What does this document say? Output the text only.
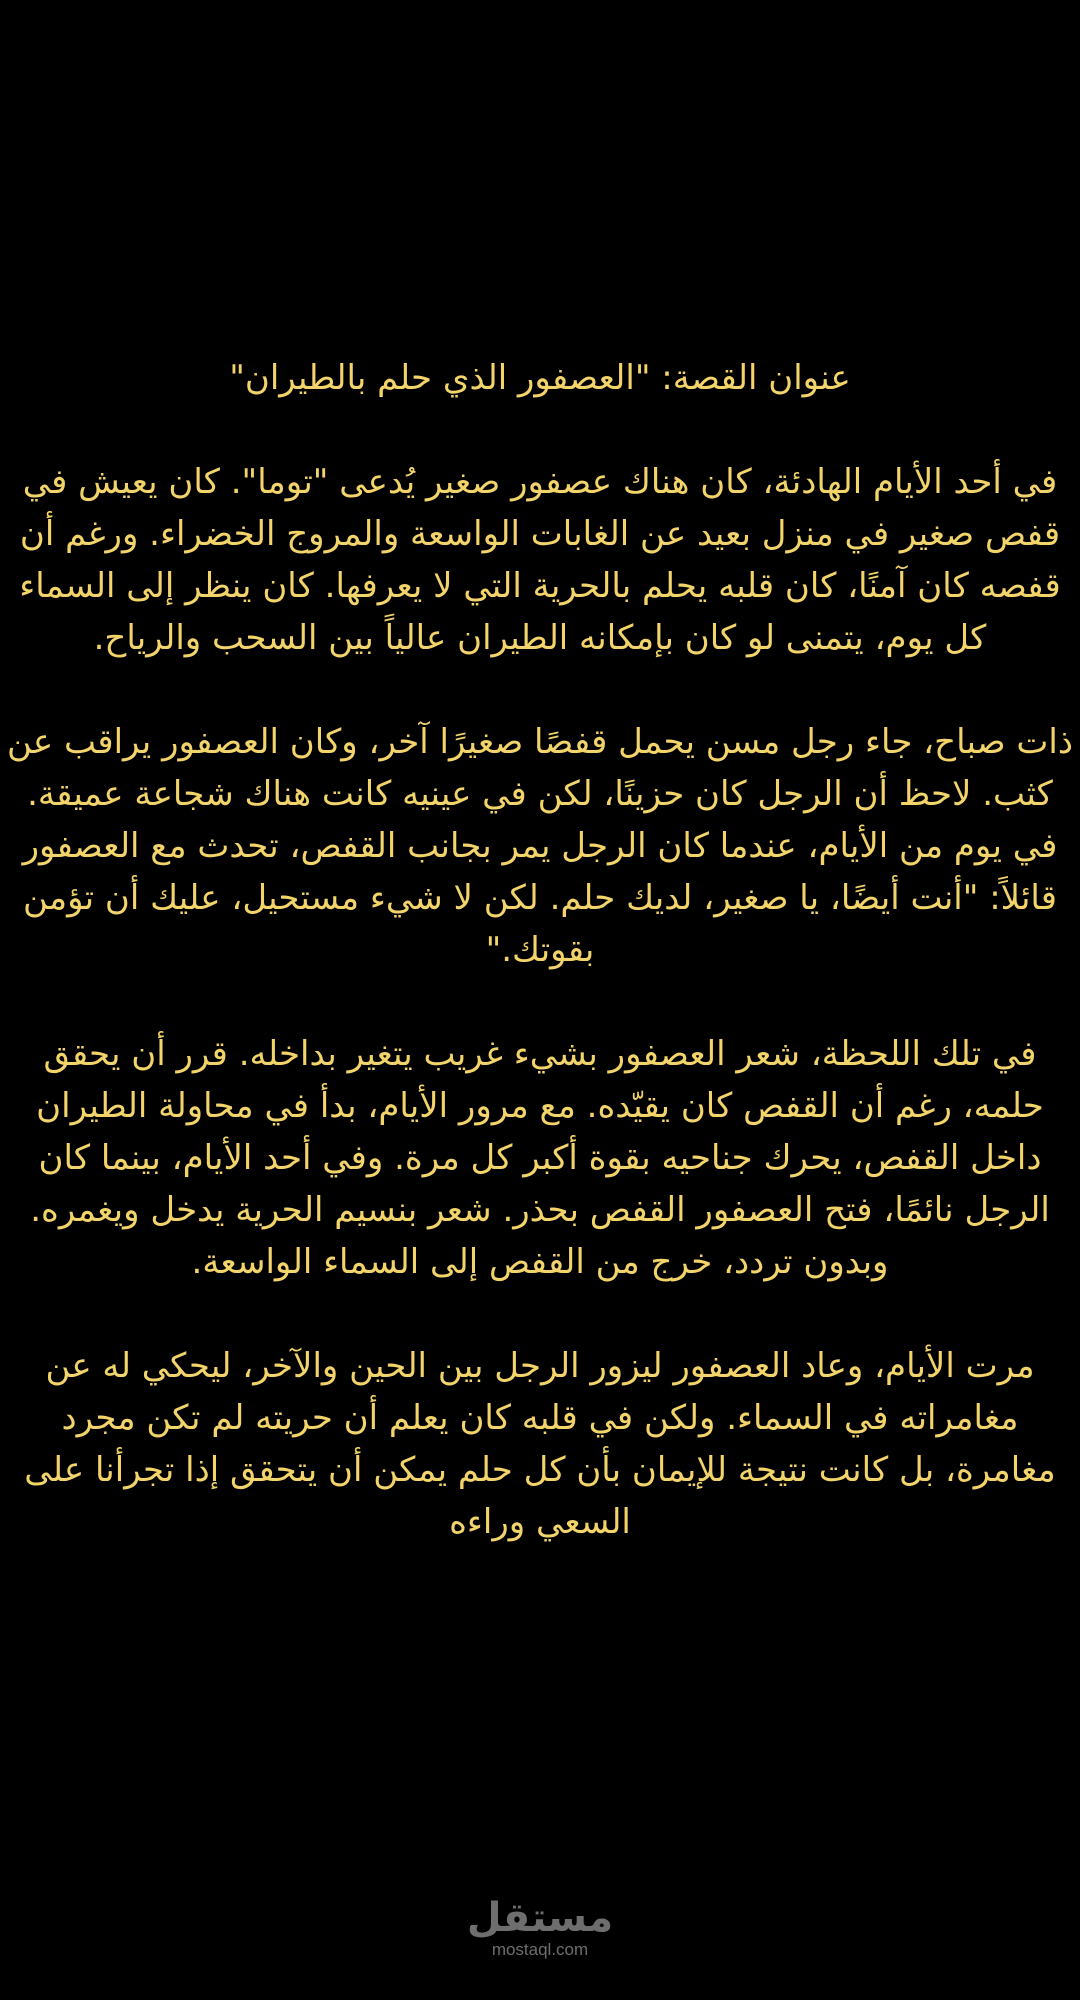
عنوان القصة: "العصفور الذي حلم بالطيران"

في أحد الأيام الهادئة، كان هناك عصفور صغير يُدعى "توما". كان يعيش في قفص صغير في منزل بعيد عن الغابات الواسعة والمروج الخضراء. ورغم أن قفصه كان آمنًا، كان قلبه يحلم بالحرية التي لا يعرفها. كان ينظر إلى السماء كل يوم، يتمنى لو كان بإمكانه الطيران عالياً بين السحب والرياح.

ذات صباح، جاء رجل مسن يحمل قفصًا صغيرًا آخر، وكان العصفور يراقب عن كثب. لاحظ أن الرجل كان حزينًا، لكن في عينيه كانت هناك شجاعة عميقة. في يوم من الأيام، عندما كان الرجل يمر بجانب القفص، تحدث مع العصفور قائلاً: "أنت أيضًا، يا صغير، لديك حلم. لكن لا شيء مستحيل، عليك أن تؤمن بقوتك."

في تلك اللحظة، شعر العصفور بشيء غريب يتغير بداخله. قرر أن يحقق حلمه، رغم أن القفص كان يقيّده. مع مرور الأيام، بدأ في محاولة الطيران داخل القفص، يحرك جناحيه بقوة أكبر كل مرة. وفي أحد الأيام، بينما كان الرجل نائمًا، فتح العصفور القفص بحذر. شعر بنسيم الحرية يدخل ويغمره. وبدون تردد، خرج من القفص إلى السماء الواسعة.

مرت الأيام، وعاد العصفور ليزور الرجل بين الحين والآخر، ليحكي له عن مغامراته في السماء. ولكن في قلبه كان يعلم أن حريته لم تكن مجرد مغامرة، بل كانت نتيجة للإيمان بأن كل حلم يمكن أن يتحقق إذا تجرأنا على السعي وراءه

مستقل
mostaql.com
